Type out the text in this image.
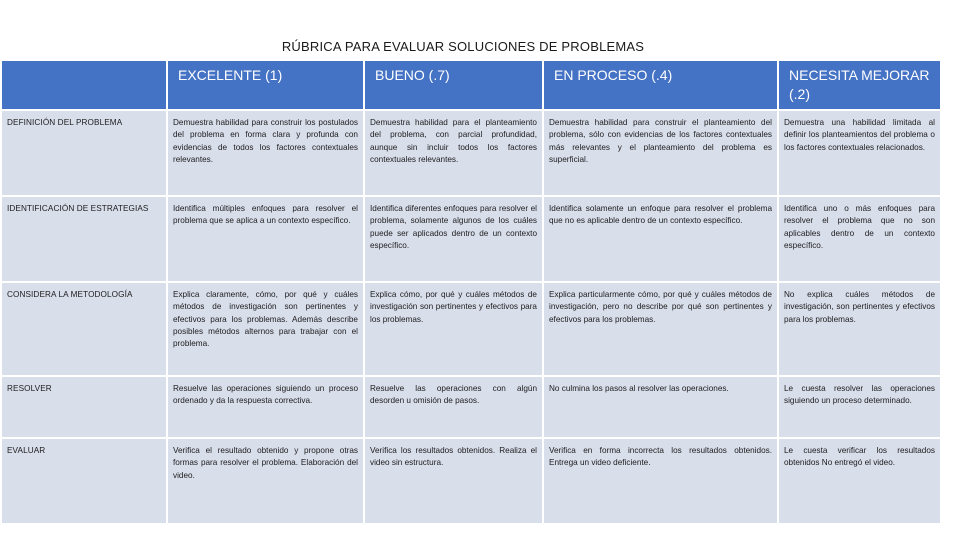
RÚBRICA PARA EVALUAR SOLUCIONES DE PROBLEMAS
	EXCELENTE (1)	BUENO (.7)	EN PROCESO (.4)	NECESITA MEJORAR (.2)
DEFINICIÓN DEL PROBLEMA	Demuestra habilidad para construir los postulados del problema en forma clara y profunda con evidencias de todos los factores contextuales relevantes.	Demuestra habilidad para el planteamiento del problema, con parcial profundidad, aunque sin incluir todos los factores contextuales relevantes.	Demuestra habilidad para construir el planteamiento del problema, sólo con evidencias de los factores contextuales más relevantes y el planteamiento del problema es superficial.	Demuestra una habilidad limitada al definir los planteamientos del problema o los factores contextuales relacionados.
IDENTIFICACIÓN DE ESTRATEGIAS	Identifica múltiples enfoques para resolver el problema que se aplica a un contexto específico.	Identifica diferentes enfoques para resolver el problema, solamente algunos de los cuáles puede ser aplicados dentro de un contexto específico.	Identifica solamente un enfoque para resolver el problema que no es aplicable dentro de un contexto específico.	Identifica uno o más enfoques para resolver el problema que no son aplicables dentro de un contexto específico.
CONSIDERA LA METODOLOGÍA	Explica claramente, cómo, por qué y cuáles métodos de investigación son pertinentes y efectivos para los problemas. Además describe posibles métodos alternos para trabajar con el problema.	Explica cómo, por qué y cuáles métodos de investigación son pertinentes y efectivos para los problemas.	Explica particularmente cómo, por qué y cuáles métodos de investigación, pero no describe por qué son pertinentes y efectivos para los problemas.	No explica cuáles métodos de investigación, son pertinentes y efectivos para los problemas.
RESOLVER	Resuelve las operaciones siguiendo un proceso ordenado y da la respuesta correctiva.	Resuelve las operaciones con algún desorden u omisión de pasos.	No culmina los pasos al resolver las operaciones.	Le cuesta resolver las operaciones siguiendo un proceso determinado.
EVALUAR	Verifica el resultado obtenido y propone otras formas para resolver el problema. Elaboración del video.	Verifica los resultados obtenidos. Realiza el video sin estructura.	Verifica en forma incorrecta los resultados obtenidos. Entrega un video deficiente.	Le cuesta verificar los resultados obtenidos No entregó el video.
